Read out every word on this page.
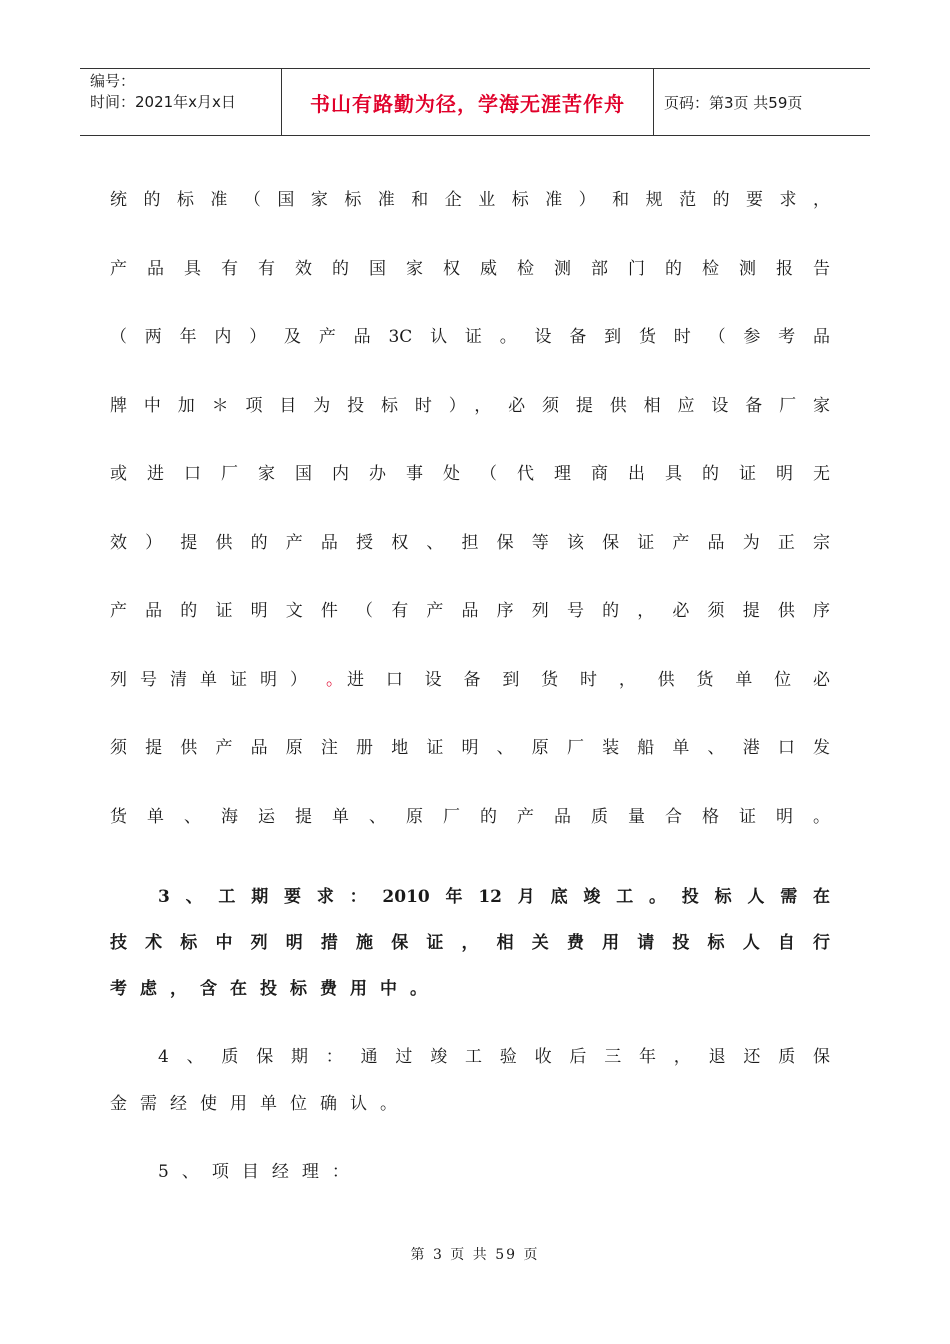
编号：
时间：2021年x月x日	书山有路勤为径，学海无涯苦作舟	页码：第3页 共59页
统的标准（国家标准和企业标准）和规范的要求，
产品具有有效的国家权威检测部门的检测报告
（两年内）及产品3C认证。设备到货时（参考品
牌中加＊项目为投标时），必须提供相应设备厂家
或进口厂家国内办事处（代理商出具的证明无
效）提供的产品授权、担保等该保证产品为正宗
产品的证明文件（有产品序列号的，必须提供序
列号清单证明） 。 进口设备到货时，供货单位必
须提供产品原注册地证明、原厂装船单、港口发
货单、海运提单、原厂的产品质量合格证明。
3、工期要求：2010年12月底竣工。投标人需在
技术标中列明措施保证，相关费用请投标人自行
考虑，含在投标费用中。
4、质保期：通过竣工验收后三年，退还质保
金需经使用单位确认。
5、项目经理：
第 3 页 共 59 页
